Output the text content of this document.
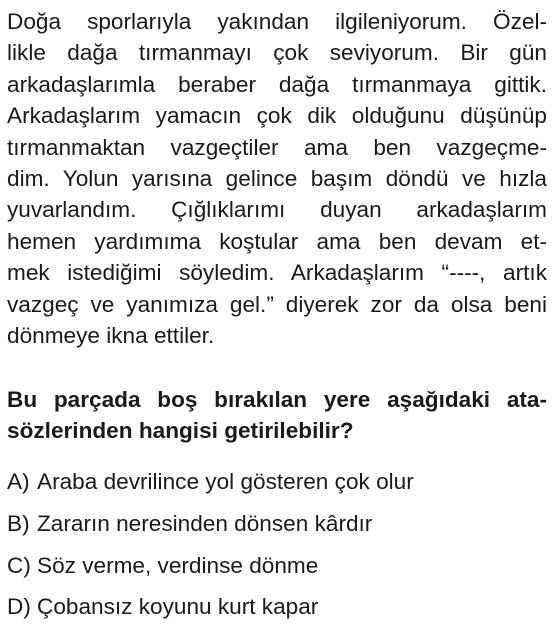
Doğa sporlarıyla yakından ilgileniyorum. Özel-
likle dağa tırmanmayı çok seviyorum. Bir gün
arkadaşlarımla beraber dağa tırmanmaya gittik.
Arkadaşlarım yamacın çok dik olduğunu düşünüp
tırmanmaktan vazgeçtiler ama ben vazgeçme-
dim. Yolun yarısına gelince başım döndü ve hızla
yuvarlandım. Çığlıklarımı duyan arkadaşlarım
hemen yardımıma koştular ama ben devam et-
mek istediğimi söyledim. Arkadaşlarım “----, artık
vazgeç ve yanımıza gel.” diyerek zor da olsa beni
dönmeye ikna ettiler.
Bu parçada boş bırakılan yere aşağıdaki ata-
sözlerinden hangisi getirilebilir?
A) Araba devrilince yol gösteren çok olur
B) Zararın neresinden dönsen kârdır
C) Söz verme, verdinse dönme
D) Çobansız koyunu kurt kapar
